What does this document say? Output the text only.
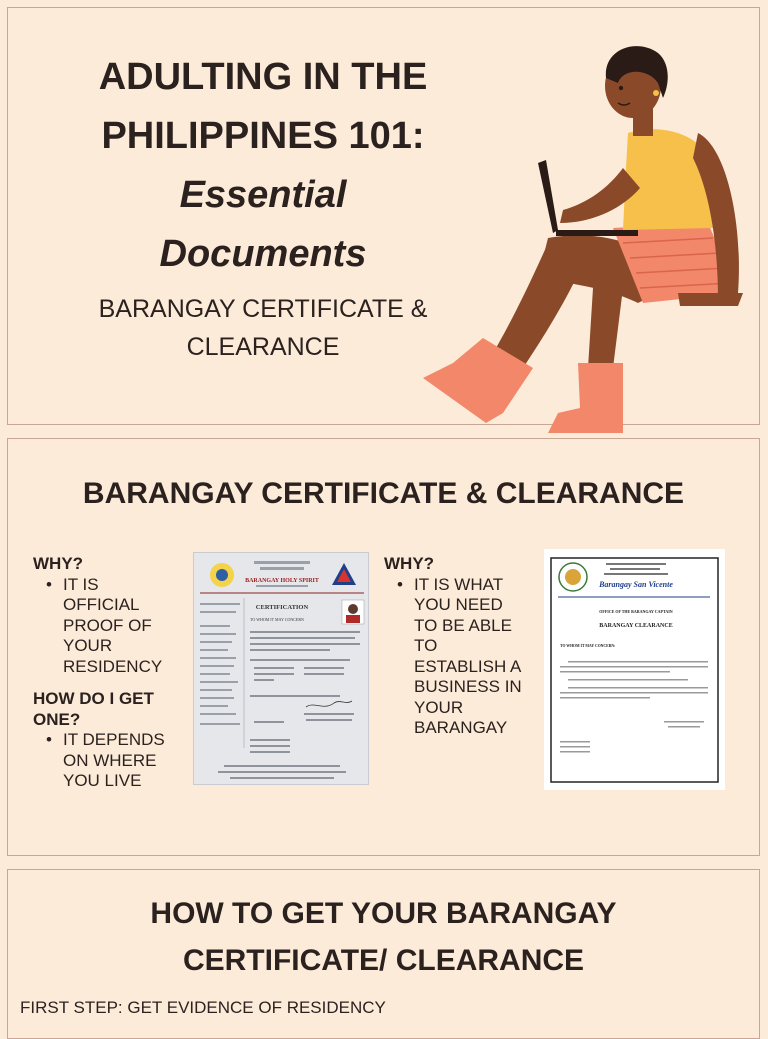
ADULTING IN THE
PHILIPPINES 101:
Essential
Documents

BARANGAY CERTIFICATE &
CLEARANCE

BARANGAY CERTIFICATE & CLEARANCE
WHY?
• IT IS
OFFICIAL
PROOF OF
YOUR
RESIDENCY
HOW DO I GET
ONE?
• IT DEPENDS
ON WHERE
YOU LIVE
BARANGAY HOLY SPIRIT
CERTIFICATION
TO WHOM IT MAY CONCERN
WHY?
• IT IS WHAT
YOU NEED
TO BE ABLE
TO
ESTABLISH A
BUSINESS IN
YOUR
BARANGAY
Barangay San Vicente
OFFICE OF THE BARANGAY CAPTAIN
BARANGAY CLEARANCE
TO WHOM IT MAY CONCERN:
HOW TO GET YOUR BARANGAY
CERTIFICATE/ CLEARANCE

FIRST STEP: GET EVIDENCE OF RESIDENCY
